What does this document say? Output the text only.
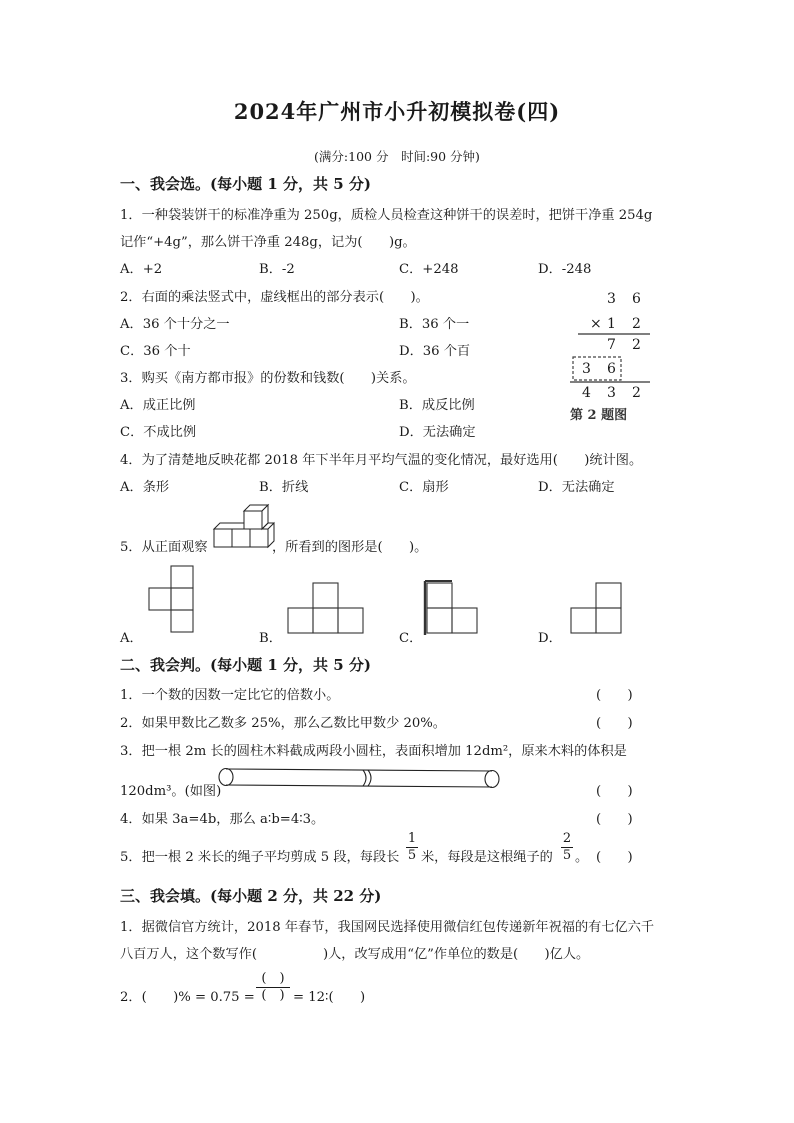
2024年广州市小升初模拟卷(四)
(满分:100 分　时间:90 分钟)
一、我会选。(每小题 1 分，共 5 分)
1．一种袋装饼干的标准净重为 250g，质检人员检查这种饼干的误差时，把饼干净重 254g
记作“+4g”，那么饼干净重 248g，记为(　　)g。
A．+2	B．-2	C．+248	D．-248
2．右面的乘法竖式中，虚线框出的部分表示(　　)。
A．36 个十分之一	B．36 个一
C．36 个十	D．36 个百
3 6
× 1 2
7 2
3 6
4 3 2
第 2 题图
3．购买《南方都市报》的份数和钱数(　　)关系。
A．成正比例	B．成反比例
C．不成比例	D．无法确定
4．为了清楚地反映花都 2018 年下半年月平均气温的变化情况，最好选用(　　)统计图。
A．条形	B．折线	C．扇形	D．无法确定
5．从正面观察	，所看到的图形是(　　)。
A．	B．	C．	D．
二、我会判。(每小题 1 分，共 5 分)
1．一个数的因数一定比它的倍数小。	(　　)
2．如果甲数比乙数多 25%，那么乙数比甲数少 20%。	(　　)
3．把一根 2m 长的圆柱木料截成两段小圆柱，表面积增加 12dm²，原来木料的体积是
120dm³。(如图)	(　　)
4．如果 3a=4b，那么 a∶b=4∶3。	(　　)
5．把一根 2 米长的绳子平均剪成 5 段，每段长
1
5 米，每段是这根绳子的
2
5 。 (　　)
三、我会填。(每小题 2 分，共 22 分)
1．据微信官方统计，2018 年春节，我国网民选择使用微信红包传递新年祝福的有七亿六千
八百万人，这个数写作(　　　　　)人，改写成用“亿”作单位的数是(　　)亿人。
2．(　　)% = 0.75 =
(　)
(　) = 12∶(　　)
